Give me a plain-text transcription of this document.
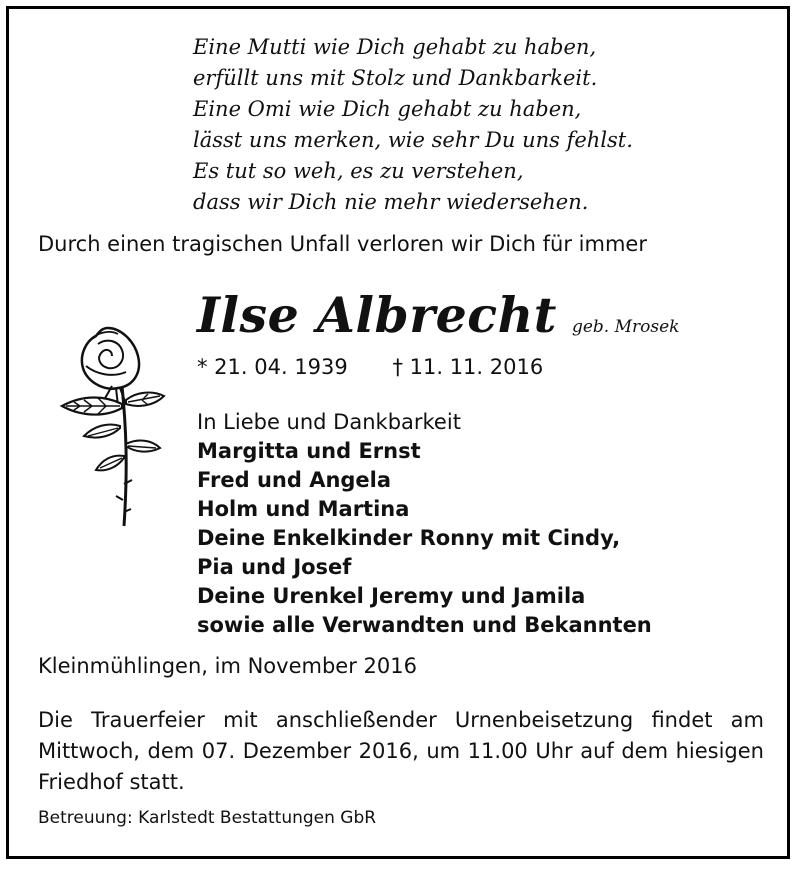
Eine Mutti wie Dich gehabt zu haben,
erfüllt uns mit Stolz und Dankbarkeit.
Eine Omi wie Dich gehabt zu haben,
lässt uns merken, wie sehr Du uns fehlst.
Es tut so weh, es zu verstehen,
dass wir Dich nie mehr wiedersehen.
Durch einen tragischen Unfall verloren wir Dich für immer
Ilse Albrecht geb. Mrosek
* 21. 04. 1939 † 11. 11. 2016
In Liebe und Dankbarkeit
Margitta und Ernst
Fred und Angela
Holm und Martina
Deine Enkelkinder Ronny mit Cindy,
Pia und Josef
Deine Urenkel Jeremy und Jamila
sowie alle Verwandten und Bekannten
Kleinmühlingen, im November 2016
Die Trauerfeier mit anschließender Urnenbeisetzung findet am Mittwoch, dem 07. Dezember 2016, um 11.00 Uhr auf dem hiesigen Friedhof statt.
Betreuung: Karlstedt Bestattungen GbR
